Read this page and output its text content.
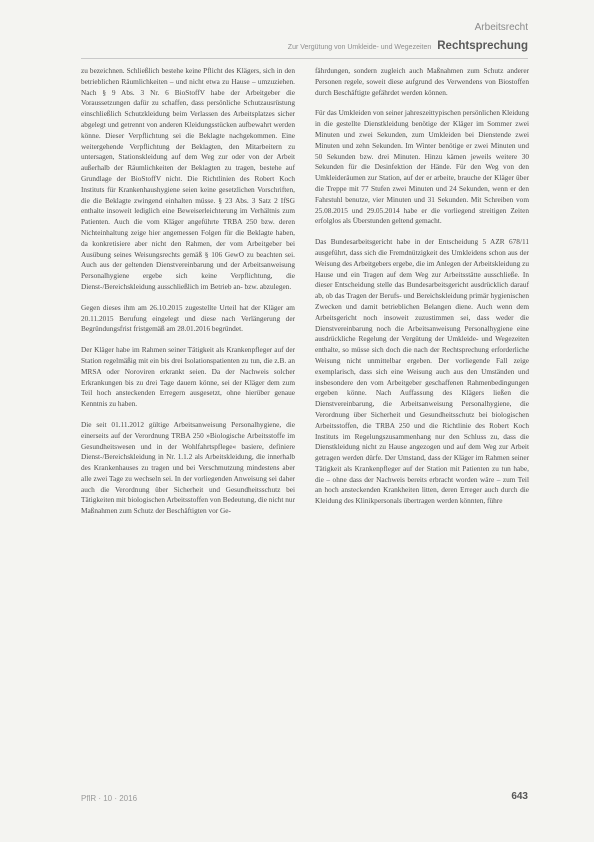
Arbeitsrecht
Zur Vergütung von Umkleide- und Wegezeiten Rechtsprechung

zu bezeichnen. Schließlich bestehe keine Pflicht des Klägers, sich in den betrieblichen Räumlichkeiten – und nicht etwa zu Hause – umzuziehen. Nach § 9 Abs. 3 Nr. 6 BioStoffV habe der Arbeitgeber die Voraussetzungen dafür zu schaffen, dass persönliche Schutzausrüstung einschließlich Schutzkleidung beim Verlassen des Arbeitsplatzes sicher abgelegt und getrennt von anderen Kleidungsstücken aufbewahrt werden könne. Dieser Verpflichtung sei die Beklagte nachgekommen. Eine weitergehende Verpflichtung der Beklagten, den Mitarbeitern zu untersagen, Stationskleidung auf dem Weg zur oder von der Arbeit außerhalb der Räumlichkeiten der Beklagten zu tragen, bestehe auf Grundlage der BioStoffV nicht. Die Richtlinien des Robert Koch Instituts für Krankenhaushygiene seien keine gesetzlichen Vorschriften, die die Beklagte zwingend einhalten müsse. § 23 Abs. 3 Satz 2 IfSG enthalte insoweit lediglich eine Beweiserleichterung im Verhältnis zum Patienten. Auch die vom Kläger angeführte TRBA 250 bzw. deren Nichteinhaltung zeige hier angemessen Folgen für die Beklagte haben, da konkretisiere aber nicht den Rahmen, der vom Arbeitgeber bei Ausübung seines Weisungsrechts gemäß § 106 GewO zu beachten sei. Auch aus der geltenden Dienstvereinbarung und der Arbeitsanweisung Personalhygiene ergebe sich keine Verpflichtung, die Dienst-/Bereichskleidung ausschließlich im Betrieb an- bzw. abzulegen.

Gegen dieses ihm am 26.10.2015 zugestellte Urteil hat der Kläger am 20.11.2015 Berufung eingelegt und diese nach Verlängerung der Begründungsfrist fristgemäß am 28.01.2016 begründet.

Der Kläger habe im Rahmen seiner Tätigkeit als Krankenpfleger auf der Station regelmäßig mit ein bis drei Isolationspatienten zu tun, die z.B. an MRSA oder Noroviren erkrankt seien. Da der Nachweis solcher Erkrankungen bis zu drei Tage dauern könne, sei der Kläger dem zum Teil hoch ansteckenden Erregern ausgesetzt, ohne hierüber genaue Kenntnis zu haben.

Die seit 01.11.2012 gültige Arbeitsanweisung Personalhygiene, die einerseits auf der Verordnung TRBA 250 »Biologische Arbeitsstoffe im Gesundheitswesen und in der Wohlfahrtspflege« basiere, definiere Dienst-/Bereichskleidung in Nr. 1.1.2 als Arbeitskleidung, die innerhalb des Krankenhauses zu tragen und bei Verschmutzung mindestens aber alle zwei Tage zu wechseln sei. In der vorliegenden Anweisung sei daher auch die Verordnung über Sicherheit und Gesundheitsschutz bei Tätigkeiten mit biologischen Arbeitsstoffen von Bedeutung, die nicht nur Maßnahmen zum Schutz der Beschäftigten vor Ge-

fährdungen, sondern zugleich auch Maßnahmen zum Schutz anderer Personen regele, soweit diese aufgrund des Verwendens von Biostoffen durch Beschäftigte gefährdet werden können.

Für das Umkleiden von seiner jahreszeittypischen persönlichen Kleidung in die gestellte Dienstkleidung benötige der Kläger im Sommer zwei Minuten und zwei Sekunden, zum Umkleiden bei Dienstende zwei Minuten und zehn Sekunden. Im Winter benötige er zwei Minuten und 50 Sekunden bzw. drei Minuten. Hinzu kämen jeweils weitere 30 Sekunden für die Desinfektion der Hände. Für den Weg von den Umkleideräumen zur Station, auf der er arbeite, brauche der Kläger über die Treppe mit 77 Stufen zwei Minuten und 24 Sekunden, wenn er den Fahrstuhl benutze, vier Minuten und 31 Sekunden. Mit Schreiben vom 25.08.2015 und 29.05.2014 habe er die vorliegend streitigen Zeiten erfolglos als Überstunden geltend gemacht.

Das Bundesarbeitsgericht habe in der Entscheidung 5 AZR 678/11 ausgeführt, dass sich die Fremdnützigkeit des Umkleidens schon aus der Weisung des Arbeitgebers ergebe, die im Anlegen der Arbeitskleidung zu Hause und ein Tragen auf dem Weg zur Arbeitsstätte ausschließe. In dieser Entscheidung stelle das Bundesarbeitsgericht ausdrücklich darauf ab, ob das Tragen der Berufs- und Bereichskleidung primär hygienischen Zwecken und damit betrieblichen Belangen diene. Auch wenn dem Arbeitsgericht noch insoweit zuzustimmen sei, dass weder die Dienstvereinbarung noch die Arbeitsanweisung Personalhygiene eine ausdrückliche Regelung der Vergütung der Umkleide- und Wegezeiten enthalte, so müsse sich doch die nach der Rechtsprechung erforderliche Weisung nicht unmittelbar ergeben. Der vorliegende Fall zeige exemplarisch, dass sich eine Weisung auch aus den Umständen und insbesondere den vom Arbeitgeber geschaffenen Rahmenbedingungen ergeben könne. Nach Auffassung des Klägers ließen die Dienstvereinbarung, die Arbeitsanweisung Personalhygiene, die Verordnung über Sicherheit und Gesundheitsschutz bei biologischen Arbeitsstoffen, die TRBA 250 und die Richtlinie des Robert Koch Instituts im Regelungszusammenhang nur den Schluss zu, dass die Dienstkleidung nicht zu Hause angezogen und auf dem Weg zur Arbeit getragen werden dürfe. Der Umstand, dass der Kläger im Rahmen seiner Tätigkeit als Krankenpfleger auf der Station mit Patienten zu tun habe, die – ohne dass der Nachweis bereits erbracht worden wäre – zum Teil an hoch ansteckenden Krankheiten litten, deren Erreger auch durch die Kleidung des Klinikpersonals übertragen werden könnten, führe

PflR · 10 · 2016	643
